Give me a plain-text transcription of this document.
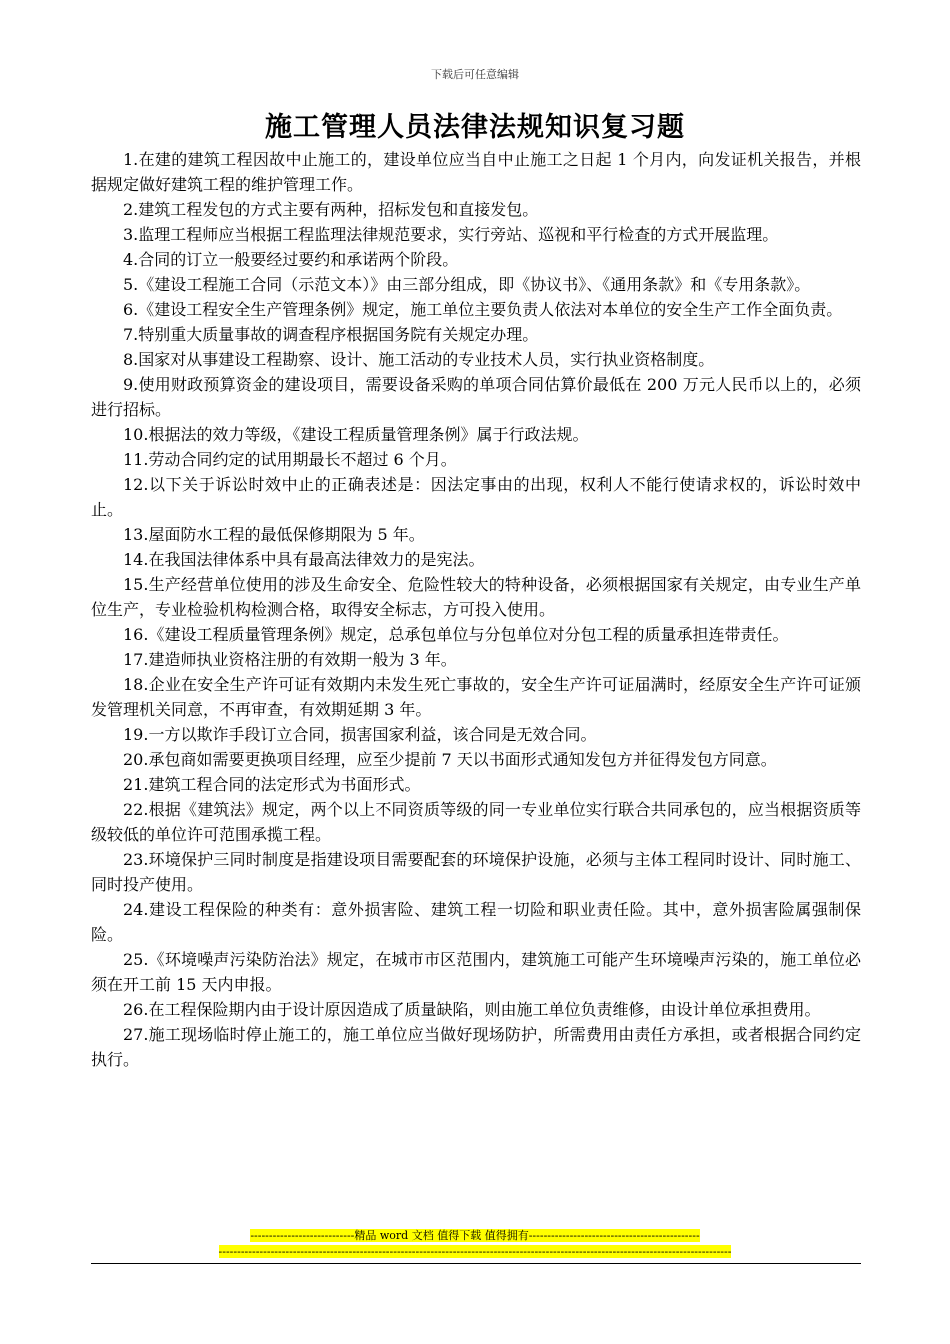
下载后可任意编辑
施工管理人员法律法规知识复习题

1.在建的建筑工程因故中止施工的，建设单位应当自中止施工之日起 1 个月内，向发证机关报告，并根据规定做好建筑工程的维护管理工作。

2.建筑工程发包的方式主要有两种，招标发包和直接发包。

3.监理工程师应当根据工程监理法律规范要求，实行旁站、巡视和平行检查的方式开展监理。

4.合同的订立一般要经过要约和承诺两个阶段。

5.《建设工程施工合同（示范文本）》由三部分组成，即《协议书》、《通用条款》和《专用条款》。

6.《建设工程安全生产管理条例》规定，施工单位主要负责人依法对本单位的安全生产工作全面负责。

7.特别重大质量事故的调查程序根据国务院有关规定办理。

8.国家对从事建设工程勘察、设计、施工活动的专业技术人员，实行执业资格制度。

9.使用财政预算资金的建设项目，需要设备采购的单项合同估算价最低在 200 万元人民币以上的，必须进行招标。

10.根据法的效力等级，《建设工程质量管理条例》属于行政法规。

11.劳动合同约定的试用期最长不超过 6 个月。

12.以下关于诉讼时效中止的正确表述是：因法定事由的出现，权利人不能行使请求权的，诉讼时效中止。

13.屋面防水工程的最低保修期限为 5 年。

14.在我国法律体系中具有最高法律效力的是宪法。

15.生产经营单位使用的涉及生命安全、危险性较大的特种设备，必须根据国家有关规定，由专业生产单位生产，专业检验机构检测合格，取得安全标志，方可投入使用。

16.《建设工程质量管理条例》规定，总承包单位与分包单位对分包工程的质量承担连带责任。

17.建造师执业资格注册的有效期一般为 3 年。

18.企业在安全生产许可证有效期内未发生死亡事故的，安全生产许可证届满时，经原安全生产许可证颁发管理机关同意，不再审查，有效期延期 3 年。

19.一方以欺诈手段订立合同，损害国家利益，该合同是无效合同。

20.承包商如需要更换项目经理，应至少提前 7 天以书面形式通知发包方并征得发包方同意。

21.建筑工程合同的法定形式为书面形式。

22.根据《建筑法》规定，两个以上不同资质等级的同一专业单位实行联合共同承包的，应当根据资质等级较低的单位许可范围承揽工程。

23.环境保护三同时制度是指建设项目需要配套的环境保护设施，必须与主体工程同时设计、同时施工、同时投产使用。

24.建设工程保险的种类有：意外损害险、建筑工程一切险和职业责任险。其中，意外损害险属强制保险。

25.《环境噪声污染防治法》规定，在城市市区范围内，建筑施工可能产生环境噪声污染的，施工单位必须在开工前 15 天内申报。

26.在工程保险期内由于设计原因造成了质量缺陷，则由施工单位负责维修，由设计单位承担费用。

27.施工现场临时停止施工的，施工单位应当做好现场防护，所需费用由责任方承担，或者根据合同约定执行。

----------------------------精品 word 文档 值得下载 值得拥有----------------------------------------------
------------------------------------------------------------------------------------------------------------------------------------------
